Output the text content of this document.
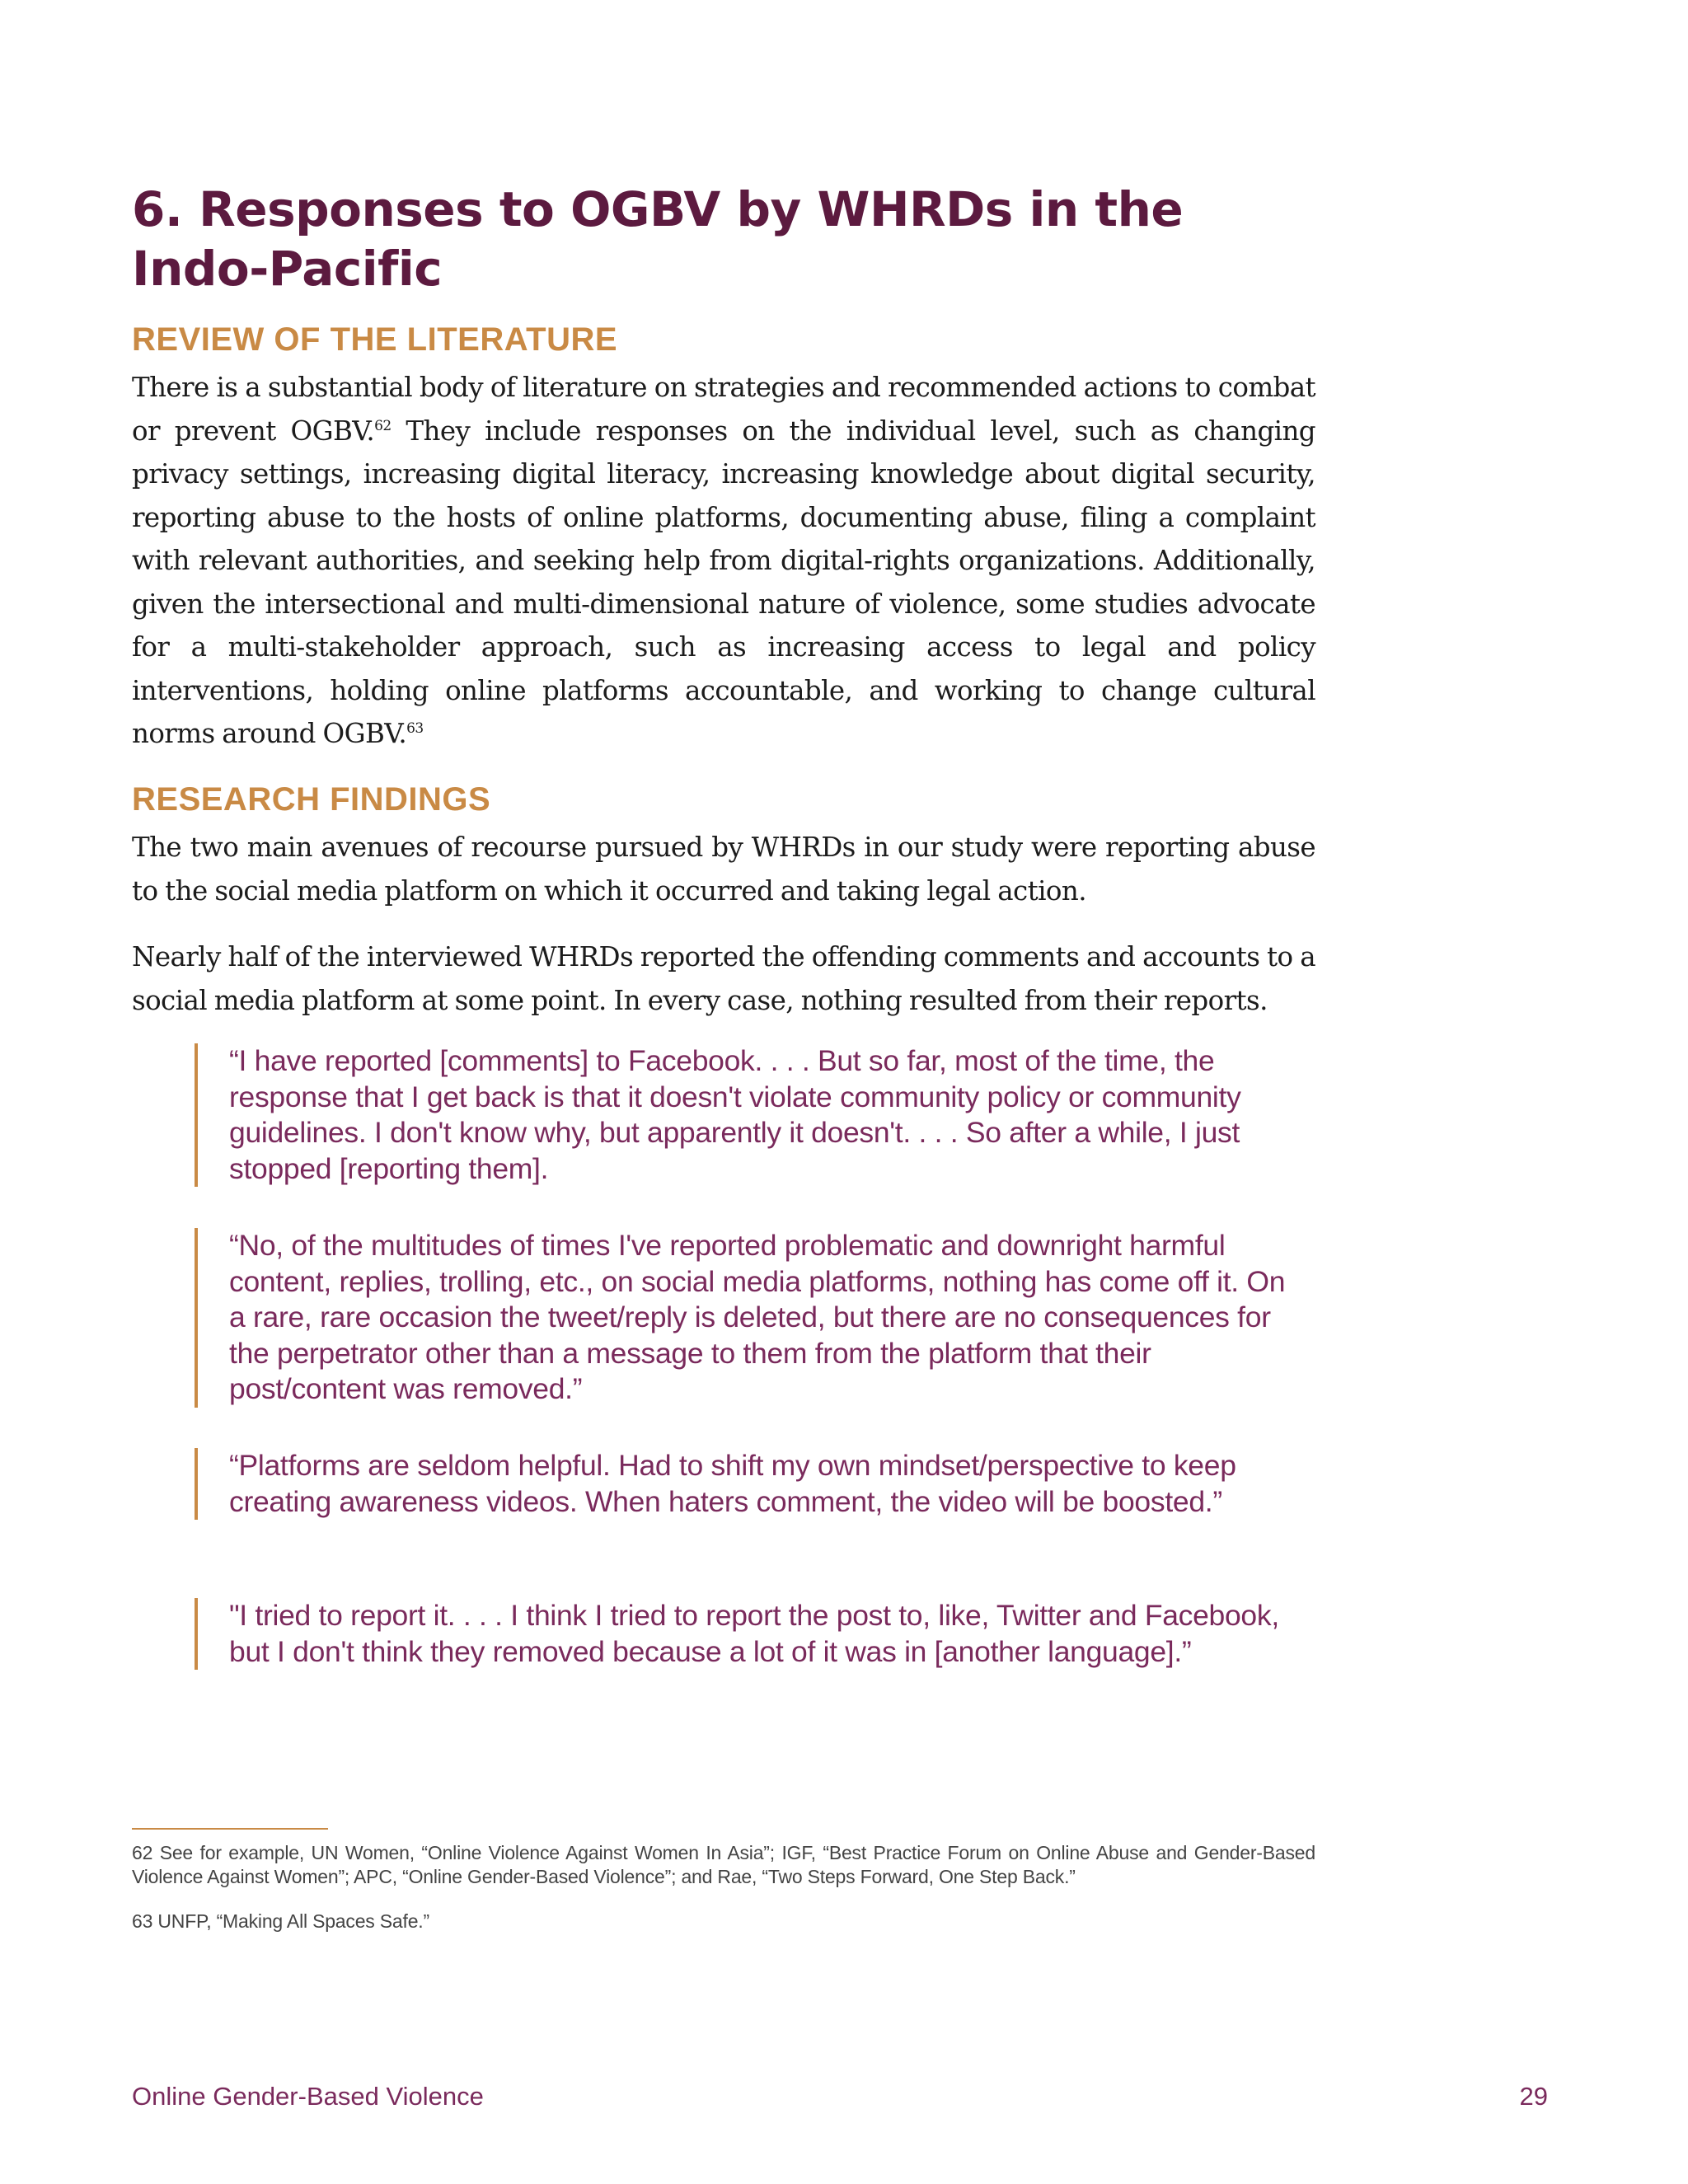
6. Responses to OGBV by WHRDs in the Indo-Pacific
REVIEW OF THE LITERATURE

There is a substantial body of literature on strategies and recommended actions to combat or prevent OGBV.$^{62}$ They include responses on the individual level, such as changing privacy settings, increasing digital literacy, increasing knowledge about digital security, reporting abuse to the hosts of online platforms, documenting abuse, filing a complaint with relevant authorities, and seeking help from digital-rights organizations. Additionally, given the intersectional and multi-dimensional nature of violence, some studies advocate for a multi-stakeholder approach, such as increasing access to legal and policy interventions, holding online platforms accountable, and working to change cultural norms around OGBV.$^{63}$

RESEARCH FINDINGS

The two main avenues of recourse pursued by WHRDs in our study were reporting abuse to the social media platform on which it occurred and taking legal action.

Nearly half of the interviewed WHRDs reported the offending comments and accounts to a social media platform at some point. In every case, nothing resulted from their reports.

“I have reported [comments] to Facebook. . . . But so far, most of the time, the response that I get back is that it doesn't violate community policy or community guidelines. I don't know why, but apparently it doesn't. . . . So after a while, I just stopped [reporting them].
“No, of the multitudes of times I've reported problematic and downright harmful content, replies, trolling, etc., on social media platforms, nothing has come off it. On a rare, rare occasion the tweet/reply is deleted, but there are no consequences for the perpetrator other than a message to them from the platform that their post/content was removed.”
“Platforms are seldom helpful. Had to shift my own mindset/perspective to keep creating awareness videos. When haters comment, the video will be boosted.”
"I tried to report it. . . . I think I tried to report the post to, like, Twitter and Facebook, but I don't think they removed because a lot of it was in [another language].”

62 See for example, UN Women, “Online Violence Against Women In Asia”; IGF, “Best Practice Forum on Online Abuse and Gender-Based Violence Against Women”; APC, “Online Gender-Based Violence”; and Rae, “Two Steps Forward, One Step Back.”

63 UNFP, “Making All Spaces Safe.”

Online Gender-Based Violence	29
